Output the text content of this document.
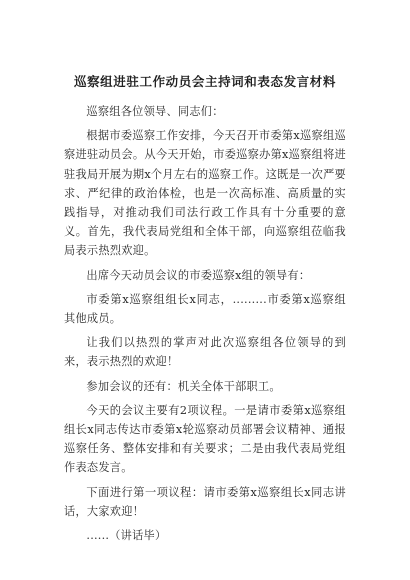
巡察组进驻工作动员会主持词和表态发言材料

巡察组各位领导、同志们：

根据市委巡察工作安排，今天召开市委第x巡察组巡察进驻动员会。从今天开始，市委巡察办第x巡察组将进驻我局开展为期x个月左右的巡察工作。这既是一次严要求、严纪律的政治体检，也是一次高标准、高质量的实践指导，对推动我们司法行政工作具有十分重要的意义。首先，我代表局党组和全体干部，向巡察组莅临我局表示热烈欢迎。

出席今天动员会议的市委巡察x组的领导有：

市委第x巡察组组长x同志，.........市委第x巡察组其他成员。

让我们以热烈的掌声对此次巡察组各位领导的到来，表示热烈的欢迎！

参加会议的还有：机关全体干部职工。

今天的会议主要有2项议程。一是请市委第x巡察组组长x同志传达市委第x轮巡察动员部署会议精神、通报巡察任务、整体安排和有关要求；二是由我代表局党组作表态发言。

下面进行第一项议程：请市委第x巡察组长x同志讲话，大家欢迎！

......（讲话毕）
